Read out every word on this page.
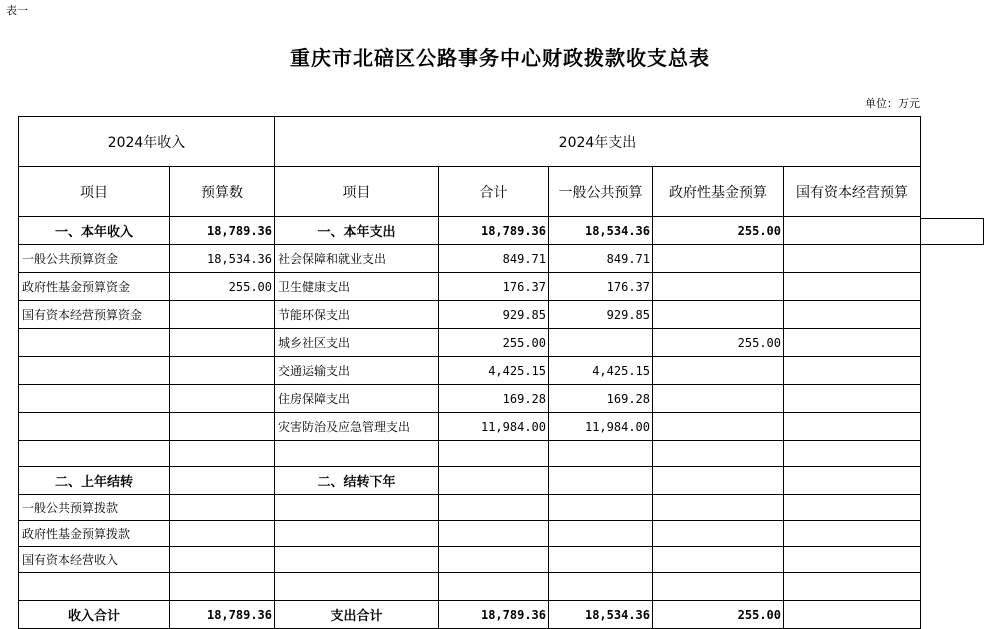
表一
重庆市北碚区公路事务中心财政拨款收支总表
单位：万元
2024年收入		2024年支出				
项目	预算数	项目	合计	一般公共预算	政府性基金预算	国有资本经营预算
一、本年收入	18,789.36	一、本年支出	18,789.36	18,534.36	255.00	
一般公共预算资金	18,534.36	社会保障和就业支出	849.71	849.71		
政府性基金预算资金	255.00	卫生健康支出	176.37	176.37		
国有资本经营预算资金		节能环保支出	929.85	929.85		
		城乡社区支出	255.00		255.00	
		交通运输支出	4,425.15	4,425.15		
		住房保障支出	169.28	169.28		
		灾害防治及应急管理支出	11,984.00	11,984.00		

二、上年结转		二、结转下年				
一般公共预算拨款						
政府性基金预算拨款						
国有资本经营收入						

收入合计	18,789.36	支出合计	18,789.36	18,534.36	255.00	
